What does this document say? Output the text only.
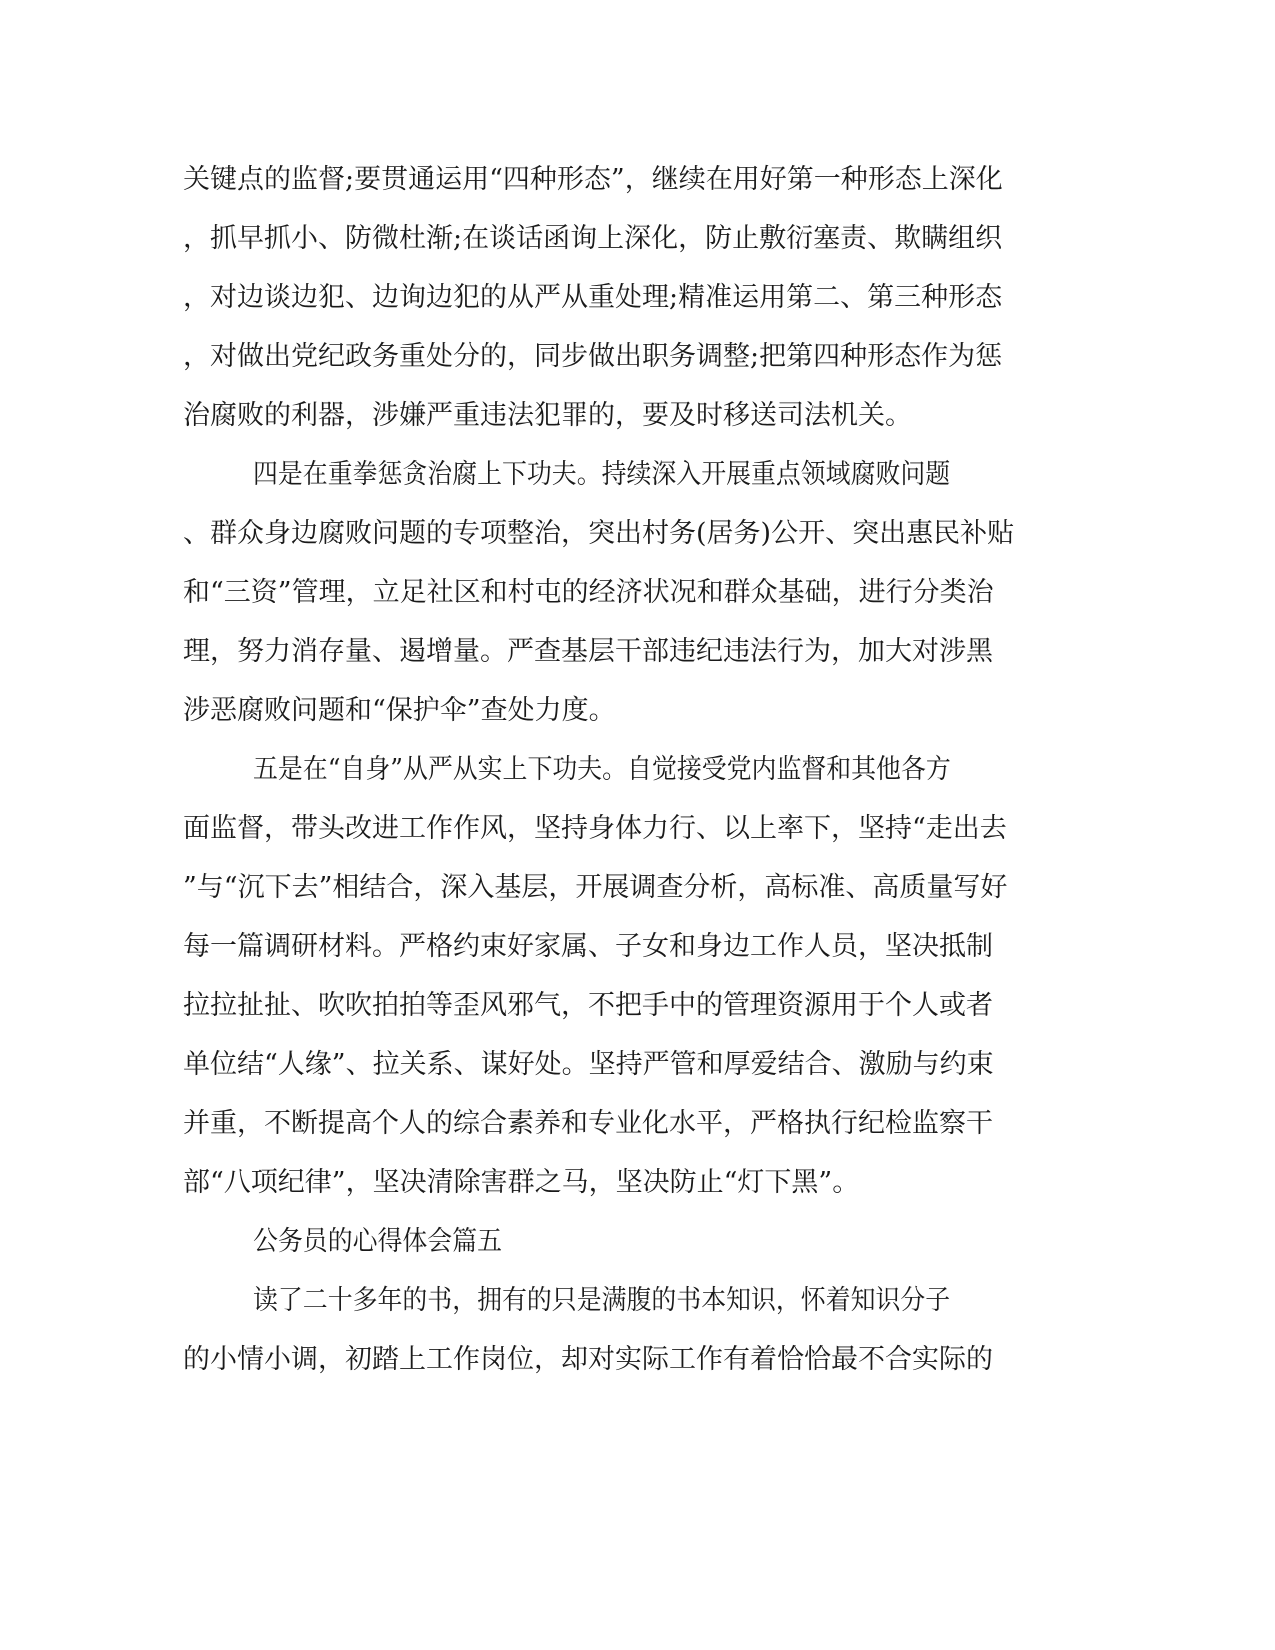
关键点的监督;要贯通运用“四种形态”，继续在用好第一种形态上深化
，抓早抓小、防微杜渐;在谈话函询上深化，防止敷衍塞责、欺瞒组织
，对边谈边犯、边询边犯的从严从重处理;精准运用第二、第三种形态
，对做出党纪政务重处分的，同步做出职务调整;把第四种形态作为惩
治腐败的利器，涉嫌严重违法犯罪的，要及时移送司法机关。
四是在重拳惩贪治腐上下功夫。持续深入开展重点领域腐败问题
、群众身边腐败问题的专项整治，突出村务(居务)公开、突出惠民补贴
和“三资”管理，立足社区和村屯的经济状况和群众基础，进行分类治
理，努力消存量、遏增量。严查基层干部违纪违法行为，加大对涉黑
涉恶腐败问题和“保护伞”查处力度。
五是在“自身”从严从实上下功夫。自觉接受党内监督和其他各方
面监督，带头改进工作作风，坚持身体力行、以上率下，坚持“走出去
”与“沉下去”相结合，深入基层，开展调查分析，高标准、高质量写好
每一篇调研材料。严格约束好家属、子女和身边工作人员，坚决抵制
拉拉扯扯、吹吹拍拍等歪风邪气，不把手中的管理资源用于个人或者
单位结“人缘”、拉关系、谋好处。坚持严管和厚爱结合、激励与约束
并重，不断提高个人的综合素养和专业化水平，严格执行纪检监察干
部“八项纪律”，坚决清除害群之马，坚决防止“灯下黑”。
公务员的心得体会篇五
读了二十多年的书，拥有的只是满腹的书本知识，怀着知识分子
的小情小调，初踏上工作岗位，却对实际工作有着恰恰最不合实际的
